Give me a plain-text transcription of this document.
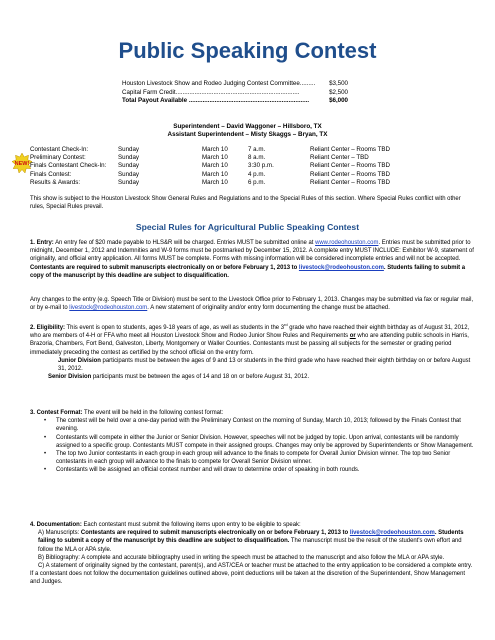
Public Speaking Contest
Houston Livestock Show and Rodeo Judging Contest Committee......... $3,500
Capital Farm Credit........................................................................	$2,500
Total Payout Available ......................................................................	$6,000
Superintendent – David Waggoner – Hillsboro, TX
Assistant Superintendent – Misty Skaggs – Bryan, TX
NEW!
Contestant Check-In:	Sunday	March 10	7 a.m.	Reliant Center – Rooms TBD
Preliminary Contest:	Sunday	March 10	8 a.m.	Reliant Center – TBD
Finals Contestant Check-In:	Sunday	March 10	3:30 p.m.	Reliant Center – Rooms TBD
Finals Contest:	Sunday	March 10	4 p.m.	Reliant Center – Rooms TBD
Results & Awards:	Sunday	March 10	6 p.m.	Reliant Center – Rooms TBD
This show is subject to the Houston Livestock Show General Rules and Regulations and to the Special Rules of this section. Where Special Rules conflict with other rules, Special Rules prevail.
Special Rules for Agricultural Public Speaking Contest
1. Entry: An entry fee of $20 made payable to HLS&R will be charged. Entries MUST be submitted online at www.rodeohouston.com. Entries must be submitted prior to midnight, December 1, 2012 and Indemnities and W-9 forms must be postmarked by December 15, 2012. A complete entry MUST INCLUDE: Exhibitor W-9, statement of originality, and official entry application. All forms MUST be complete. Forms with missing information will be considered incomplete entries and will not be accepted. Contestants are required to submit manuscripts electronically on or before February 1, 2013 to livestock@rodeohouston.com. Students failing to submit a copy of the manuscript by this deadline are subject to disqualification.
Any changes to the entry (e.g. Speech Title or Division) must be sent to the Livestock Office prior to February 1, 2013. Changes may be submitted via fax or regular mail, or by e-mail to livestock@rodeohouston.com. A new statement of originality and/or entry form documenting the change must be attached.
2. Eligibility: This event is open to students, ages 9-18 years of age, as well as students in the 3rd grade who have reached their eighth birthday as of August 31, 2012, who are members of 4-H or FFA who meet all Houston Livestock Show and Rodeo Junior Show Rules and Requirements or who are attending public schools in Harris, Brazoria, Chambers, Fort Bend, Galveston, Liberty, Montgomery or Waller Counties. Contestants must be passing all subjects for the semester or grading period immediately preceding the contest as certified by the school official on the entry form.
Junior Division participants must be between the ages of 9 and 13 or students in the third grade who have reached their eighth birthday on or before August 31, 2012.
Senior Division participants must be between the ages of 14 and 18 on or before August 31, 2012.
3. Contest Format: The event will be held in the following contest format:
• The contest will be held over a one-day period with the Preliminary Contest on the morning of Sunday, March 10, 2013; followed by the Finals Contest that evening.
• Contestants will compete in either the Junior or Senior Division. However, speeches will not be judged by topic. Upon arrival, contestants will be randomly assigned to a specific group. Contestants MUST compete in their assigned groups. Changes may only be approved by Superintendents or Show Management.
• The top two Junior contestants in each group in each group will advance to the finals to compete for Overall Junior Division winner. The top two Senior contestants in each group will advance to the finals to compete for Overall Senior Division winner.
• Contestants will be assigned an official contest number and will draw to determine order of speaking in both rounds.
4. Documentation: Each contestant must submit the following items upon entry to be eligible to speak:
A) Manuscripts: Contestants are required to submit manuscripts electronically on or before February 1, 2013 to livestock@rodeohouston.com. Students failing to submit a copy of the manuscript by this deadline are subject to disqualification. The manuscript must be the result of the student's own effort and follow the MLA or APA style.
B) Bibliography: A complete and accurate bibliography used in writing the speech must be attached to the manuscript and also follow the MLA or APA style.
C) A statement of originality signed by the contestant, parent(s), and AST/CEA or teacher must be attached to the entry application to be considered a complete entry.
If a contestant does not follow the documentation guidelines outlined above, point deductions will be taken at the discretion of the Superintendent, Show Management and Judges.
